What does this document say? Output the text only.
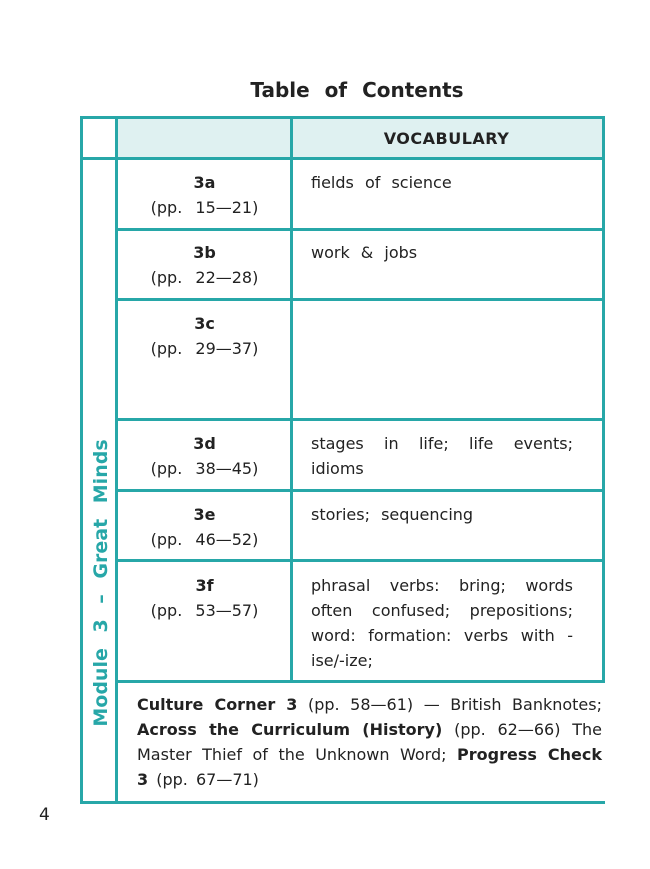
Table of Contents
VOCABULARY
Module 3 – Great Minds
3a
(pp. 15—21)
fields of science
3b
(pp. 22—28)
work & jobs
3c
(pp. 29—37)
3d
(pp. 38—45)
stages in life; life events; idioms
3e
(pp. 46—52)
stories; sequencing
3f
(pp. 53—57)
phrasal verbs: bring; words often confused; prepositions; word: formation: verbs with -ise/-ize;
Culture Corner 3 (pp. 58—61) — British Banknotes; Across the Curriculum (History) (pp. 62—66) The Master Thief of the Unknown Word; Progress Check 3 (pp. 67—71)
4
